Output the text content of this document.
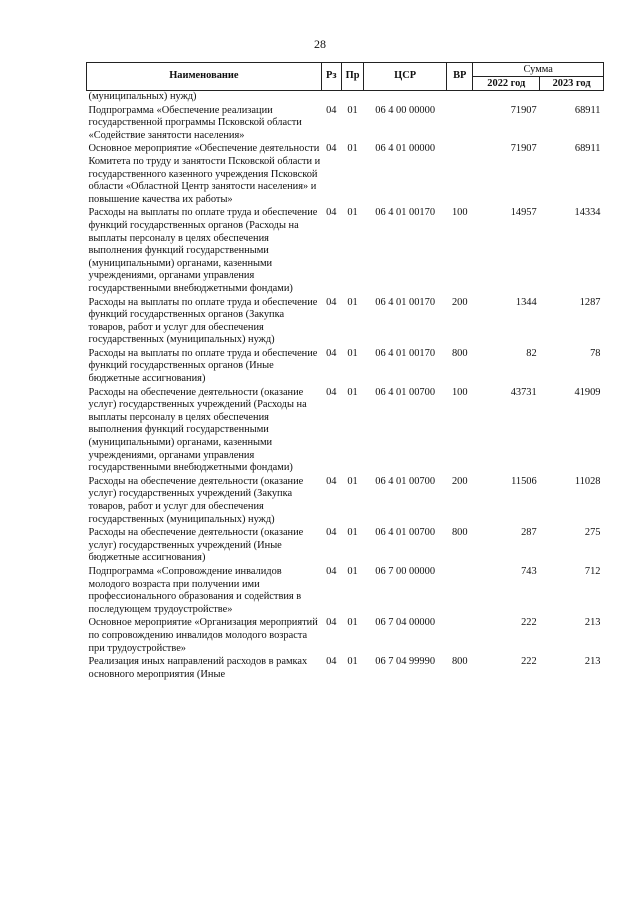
28
Наименование	Рз	Пр	ЦСР	ВР	Сумма	
					2022 год	2023 год
(муниципальных) нужд)						
Подпрограмма «Обеспечение реализации государственной программы Псковской области «Содействие занятости населения»	04	01	06 4 00 00000		71907	68911
Основное мероприятие «Обеспечение деятельности Комитета по труду и занятости Псковской области и государственного казенного учреждения Псковской области «Областной Центр занятости населения» и повышение качества их работы»	04	01	06 4 01 00000		71907	68911
Расходы на выплаты по оплате труда и обеспечение функций государственных органов (Расходы на выплаты персоналу в целях обеспечения выполнения функций государственными (муниципальными) органами, казенными учреждениями, органами управления государственными внебюджетными фондами)	04	01	06 4 01 00170	100	14957	14334
Расходы на выплаты по оплате труда и обеспечение функций государственных органов (Закупка товаров, работ и услуг для обеспечения государственных (муниципальных) нужд)	04	01	06 4 01 00170	200	1344	1287
Расходы на выплаты по оплате труда и обеспечение функций государственных органов (Иные бюджетные ассигнования)	04	01	06 4 01 00170	800	82	78
Расходы на обеспечение деятельности (оказание услуг) государственных учреждений (Расходы на выплаты персоналу в целях обеспечения выполнения функций государственными (муниципальными) органами, казенными учреждениями, органами управления государственными внебюджетными фондами)	04	01	06 4 01 00700	100	43731	41909
Расходы на обеспечение деятельности (оказание услуг) государственных учреждений (Закупка товаров, работ и услуг для обеспечения государственных (муниципальных) нужд)	04	01	06 4 01 00700	200	11506	11028
Расходы на обеспечение деятельности (оказание услуг) государственных учреждений (Иные бюджетные ассигнования)	04	01	06 4 01 00700	800	287	275
Подпрограмма «Сопровождение инвалидов молодого возраста при получении ими профессионального образования и содействия в последующем трудоустройстве»	04	01	06 7 00 00000		743	712
Основное мероприятие «Организация мероприятий по сопровождению инвалидов молодого возраста при трудоустройстве»	04	01	06 7 04 00000		222	213
Реализация иных направлений расходов в рамках основного мероприятия (Иные	04	01	06 7 04 99990	800	222	213
